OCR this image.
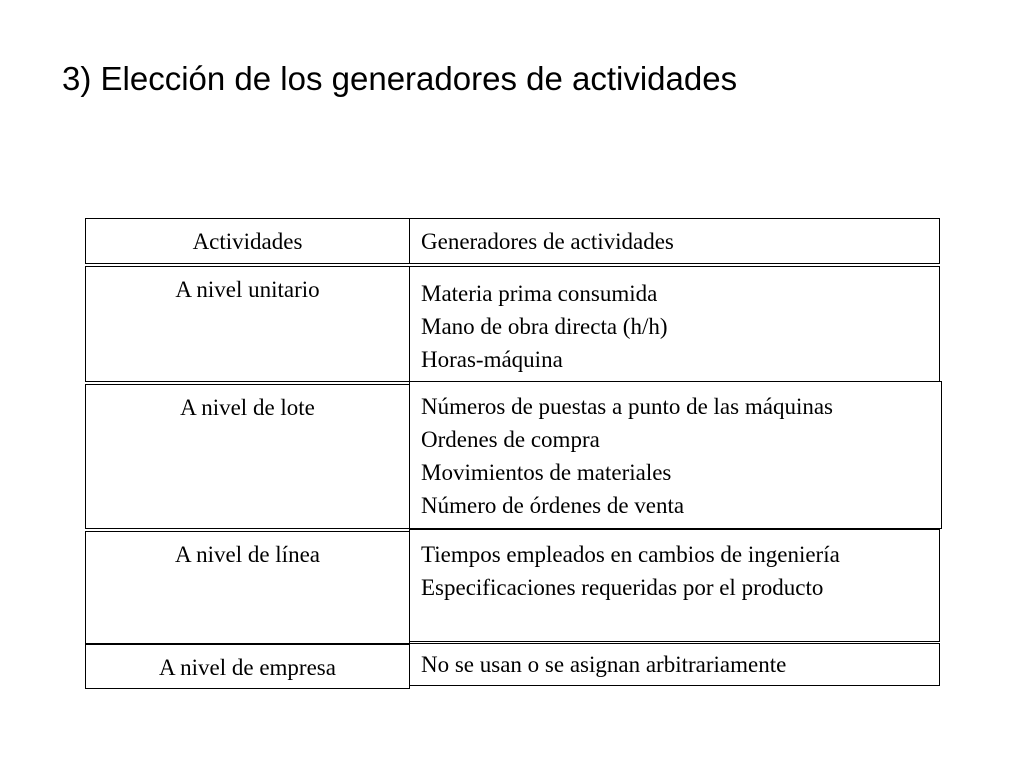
3) Elección de los generadores de actividades
Actividades	Generadores de actividades
A nivel unitario	Materia prima consumida
Mano de obra directa (h/h)
Horas-máquina
A nivel de lote	Números de puestas a punto de las máquinas
Ordenes de compra
Movimientos de materiales
Número de órdenes de venta
A nivel de línea	Tiempos empleados en cambios de ingeniería
Especificaciones requeridas por el producto
A nivel de empresa	No se usan o se asignan arbitrariamente
